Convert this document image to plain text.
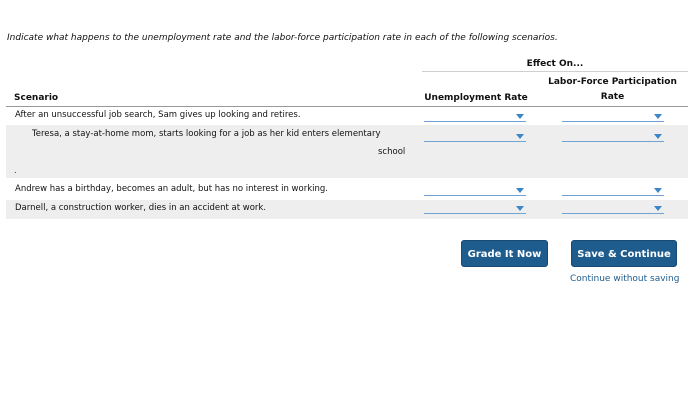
Indicate what happens to the unemployment rate and the labor-force participation rate in each of the following scenarios.
Effect On...
Scenario	Unemployment Rate
Labor-Force Participation
Rate
After an unsuccessful job search, Sam gives up looking and retires.
Teresa, a stay-at-home mom, starts looking for a job as her kid enters elementary
school
.
Andrew has a birthday, becomes an adult, but has no interest in working.
Darnell, a construction worker, dies in an accident at work.
Grade It Now	Save & Continue
Continue without saving
